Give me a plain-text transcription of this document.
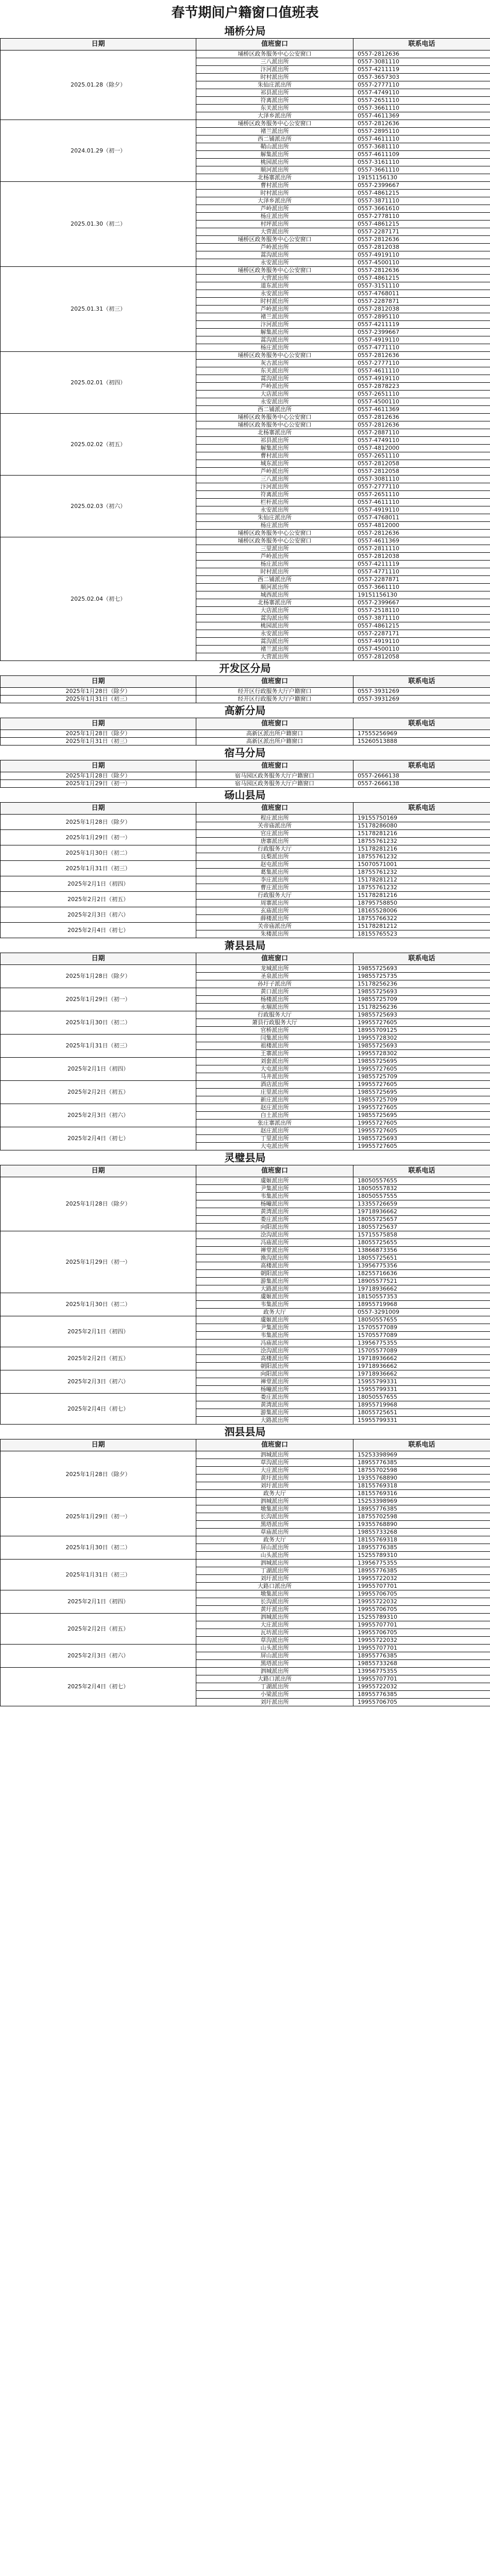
春节期间户籍窗口值班表
埇桥分局
日期	值班窗口	联系电话
2025.01.28（除夕）	埇桥区政务服务中心公安窗口	0557-2812636
	三八派出所	0557-3081110
	汴河派出所	0557-4211119
	时村派出所	0557-3657303
	朱仙庄派出所	0557-2777110
	祁县派出所	0557-4749110
	符离派出所	0557-2651110
	东关派出所	0557-3661110
	大泽乡派出所	0557-4611369
2024.01.29（初一）	埇桥区政务服务中心公安窗口	0557-2812636
	褚兰派出所	0557-2895110
	西二铺派出所	0557-4611110
	鞘山派出所	0557-3681110
	解集派出所	0557-4611109
	桃园派出所	0557-3161110
	顺河派出所	0557-3661110
	北杨寨派出所	19151156130
2025.01.30（初二）	曹村派出所	0557-2399667
	时村派出所	0557-4861215
	大泽乡派出所	0557-3871110
	芦岭派出所	0557-3661610
	杨庄派出所	0557-2778110
	村坪派出所	0557-4861215
	大营派出所	0557-2287171
	埇桥区政务服务中心公安窗口	0557-2812636
	芦岭派出所	0557-2812038
	蒿沟派出所	0557-4919110
	永安派出所	0557-4500110
2025.01.31（初三）	埇桥区政务服务中心公安窗口	0557-2812636
	大营派出所	0557-4861215
	道东派出所	0557-3151110
	永安派出所	0557-4768011
	时村派出所	0557-2287871
	芦岭派出所	0557-2812038
	褚兰派出所	0557-2895110
	汴河派出所	0557-4211119
	解集派出所	0557-2399667
	蒿沟派出所	0557-4919110
	杨庄派出所	0557-4771110
2025.02.01（初四）	埇桥区政务服务中心公安窗口	0557-2812636
	灰古派出所	0557-2777110
	东关派出所	0557-4611110
	蒿沟派出所	0557-4919110
	芦岭派出所	0557-2878223
	大店派出所	0557-2651110
	永安派出所	0557-4500110
	西二铺派出所	0557-4611369
2025.02.02（初五）	埇桥区政务服务中心公安窗口	0557-2812636
	埇桥区政务服务中心公安窗口	0557-2812636
	北杨寨派出所	0557-2887110
	祁县派出所	0557-4749110
	解集派出所	0557-4812000
	曹村派出所	0557-2651110
	城东派出所	0557-2812058
	芦岭派出所	0557-2812058
2025.02.03（初六）	三八派出所	0557-3081110
	汴河派出所	0557-2777110
	符离派出所	0557-2651110
	栏杆派出所	0557-4611110
	永安派出所	0557-4919110
	朱仙庄派出所	0557-4768011
	杨庄派出所	0557-4812000
	埇桥区政务服务中心公安窗口	0557-2812636
2025.02.04（初七）	埇桥区政务服务中心公安窗口	0557-4611369
	三里派出所	0557-2811110
	芦岭派出所	0557-2812038
	杨庄派出所	0557-4211119
	时村派出所	0557-4771110
	西二铺派出所	0557-2287871
	顺河派出所	0557-3661110
	城西派出所	19151156130
	北杨寨派出所	0557-2399667
	大店派出所	0557-2518110
	蒿沟派出所	0557-3871110
	桃园派出所	0557-4861215
	永安派出所	0557-2287171
	蒿沟派出所	0557-4919110
	褚兰派出所	0557-4500110
	大营派出所	0557-2812058
开发区分局
日期	值班窗口	联系电话
2025年1月28日（除夕）	经开区行政服务大厅户籍窗口	0557-3931269
2025年1月31日（初三）	经开区行政服务大厅户籍窗口	0557-3931269
高新分局
日期	值班窗口	联系电话
2025年1月28日（除夕）	高新区派出所户籍窗口	17555256969
2025年1月31日（初三）	高新区派出所户籍窗口	15260513888
宿马分局
日期	值班窗口	联系电话
2025年1月28日（除夕）	宿马园区政务服务大厅户籍窗口	0557-2666138
2025年1月29日（初一）	宿马园区政务服务大厅户籍窗口	0557-2666138
砀山县局
日期	值班窗口	联系电话
2025年1月28日（除夕）	程庄派出所	19155750169
	关帝庙派出所	15178286080
2025年1月29日（初一）	官庄派出所	15178281216
	唐寨派出所	18755761232
2025年1月30日（初二）	行政服务大厅	15178281216
	良梨派出所	18755761232
2025年1月31日（初三）	赵屯派出所	15070571001
	葛集派出所	18755761232
2025年2月1日（初四）	李庄派出所	15178281212
	曹庄派出所	18755761232
2025年2月2日（初五）	行政服务大厅	15178281216
	周寨派出所	18795758850
2025年2月3日（初六）	玄庙派出所	18165528006
	薛楼派出所	18755766322
2025年2月4日（初七）	关帝庙派出所	15178281212
	朱楼派出所	18155765523
萧县县局
日期	值班窗口	联系电话
2025年1月28日（除夕）	龙城派出所	19855725693
	圣泉派出所	19855725735
	孙圩子派出所	15178256236
2025年1月29日（初一）	黄口派出所	19855725693
	杨楼派出所	19855725709
	永堌派出所	15178256236
2025年1月30日（初二）	行政服务大厅	19855725693
	萧县行政服务大厅	19955727605
	官桥派出所	18955709125
2025年1月31日（初三）	闫集派出所	19955728302
	祖楼派出所	19855725693
	王寨派出所	19955728302
2025年2月1日（初四）	刘套派出所	19855725695
	大屯派出所	19955727605
	马井派出所	19855725709
2025年2月2日（初五）	酒店派出所	19955727605
	庄里派出所	19855725695
	新庄派出所	19855725709
2025年2月3日（初六）	赵庄派出所	19955727605
	白土派出所	19855725695
	张庄寨派出所	19955727605
2025年2月4日（初七）	赵庄派出所	19955727605
	丁里派出所	19855725693
	大屯派出所	19955727605
灵璧县局
日期	值班窗口	联系电话
2025年1月28日（除夕）	虞姬派出所	18050557655
	尹集派出所	18050557832
	韦集派出所	18050557555
	杨疃派出所	13355726659
	黄湾派出所	19718936662
	娄庄派出所	18055725657
	向阳派出所	18055725637
2025年1月29日（初一）	浍沟派出所	15715575858
	冯庙派出所	18055725655
	禅堂派出所	13866873356
	渔沟派出所	18055725651
	高楼派出所	13956775356
	朝阳派出所	18255716636
	游集派出所	18905577521
	大路派出所	19718936662
2025年1月30日（初二）	虞姬派出所	18150557353
	韦集派出所	18955719968
	政务大厅	0557-3291009
2025年2月1日（初四）	虞姬派出所	18050557655
	尹集派出所	15705577089
	韦集派出所	15705577089
	冯庙派出所	13956775355
2025年2月2日（初五）	浍沟派出所	15705577089
	高楼派出所	19718936662
	朝阳派出所	19718936662
2025年2月3日（初六）	向阳派出所	19718936662
	禅堂派出所	15955799331
	杨疃派出所	15955799331
2025年2月4日（初七）	娄庄派出所	18050557655
	黄湾派出所	18955719968
	游集派出所	18055725651
	大路派出所	15955799331
泗县县局
日期	值班窗口	联系电话
2025年1月28日（除夕）	泗城派出所	15253398969
	草沟派出所	18955776385
	大庄派出所	18755702598
	黄圩派出所	19355768890
	刘圩派出所	18155769318
	政务大厅	18155769316
2025年1月29日（初一）	泗城派出所	15253398969
	墩集派出所	18955776385
	长沟派出所	18755702598
	黑塔派出所	19355768890
	草庙派出所	19855733268
2025年1月30日（初二）	政务大厅	18155769318
	屏山派出所	18955776385
	山头派出所	15255789310
2025年1月31日（初三）	泗城派出所	13956775355
	丁湖派出所	18955776385
	刘圩派出所	19955722032
	大路口派出所	19955707701
2025年2月1日（初四）	墩集派出所	19955706705
	长沟派出所	19955722032
	黄圩派出所	19955706705
2025年2月2日（初五）	泗城派出所	15255789310
	大庄派出所	19955707701
	瓦坊派出所	19955706705
	草沟派出所	19955722032
2025年2月3日（初六）	山头派出所	19955707701
	屏山派出所	18955776385
	黑塔派出所	19855733268
2025年2月4日（初七）	泗城派出所	13956775355
	大路口派出所	19955707701
	丁湖派出所	19955722032
	小梁派出所	18955776385
	刘圩派出所	19955706705
